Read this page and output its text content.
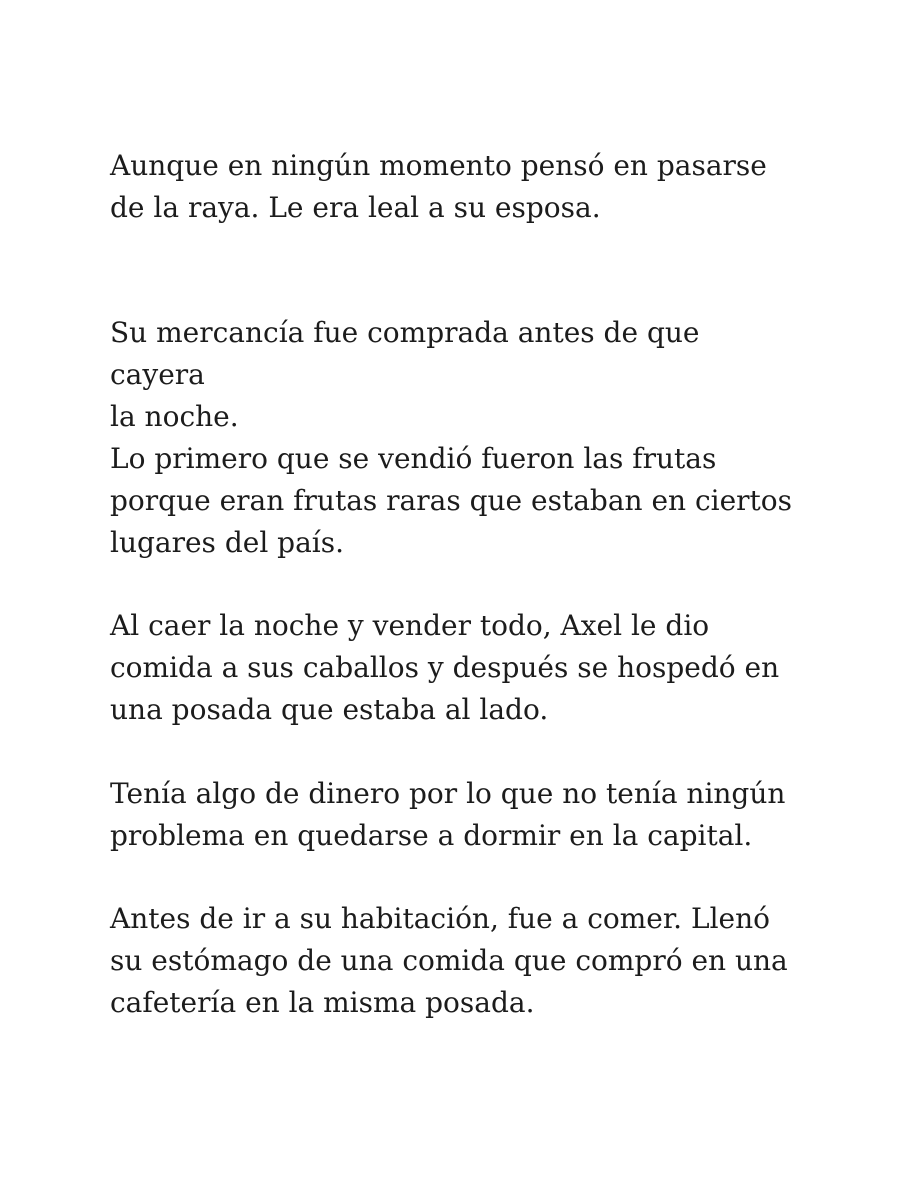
Aunque en ningún momento pensó en pasarse
de la raya. Le era leal a su esposa.

Su mercancía fue comprada antes de que cayera
la noche.

Lo primero que se vendió fueron las frutas
porque eran frutas raras que estaban en ciertos
lugares del país.

Al caer la noche y vender todo, Axel le dio
comida a sus caballos y después se hospedó en
una posada que estaba al lado.

Tenía algo de dinero por lo que no tenía ningún
problema en quedarse a dormir en la capital.

Antes de ir a su habitación, fue a comer. Llenó
su estómago de una comida que compró en una
cafetería en la misma posada.
